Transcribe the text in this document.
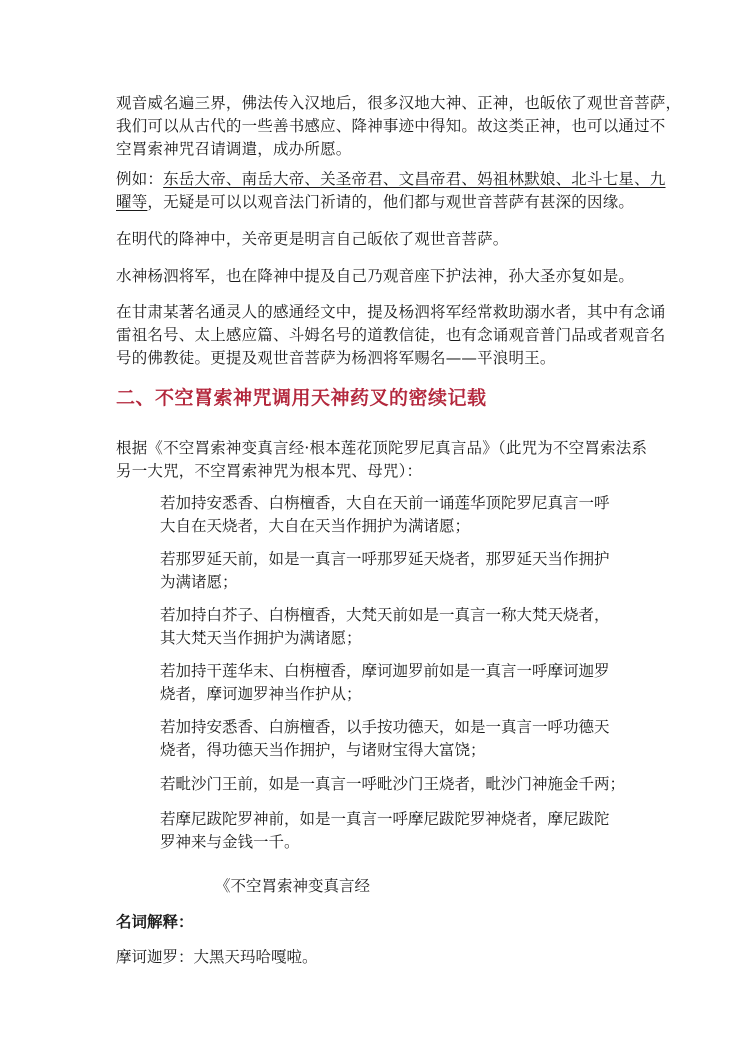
观音威名遍三界，佛法传入汉地后，很多汉地大神、正神，也皈依了观世音菩萨，
我们可以从古代的一些善书感应、降神事迹中得知。故这类正神，也可以通过不
空罥索神咒召请调遣，成办所愿。

例如：东岳大帝、南岳大帝、关圣帝君、文昌帝君、妈祖林默娘、北斗七星、九
曜等，无疑是可以以观音法门祈请的，他们都与观世音菩萨有甚深的因缘。

在明代的降神中，关帝更是明言自己皈依了观世音菩萨。

水神杨泗将军，也在降神中提及自己乃观音座下护法神，孙大圣亦复如是。

在甘肃某著名通灵人的感通经文中，提及杨泗将军经常救助溺水者，其中有念诵
雷祖名号、太上感应篇、斗姆名号的道教信徒，也有念诵观音普门品或者观音名
号的佛教徒。更提及观世音菩萨为杨泗将军赐名——平浪明王。

二、不空罥索神咒调用天神药叉的密续记载

根据《不空罥索神变真言经·根本莲花顶陀罗尼真言品》（此咒为不空罥索法系
另一大咒，不空罥索神咒为根本咒、母咒）：

若加持安悉香、白栴檀香，大自在天前一诵莲华顶陀罗尼真言一呼
大自在天烧者，大自在天当作拥护为满诸愿；

若那罗延天前，如是一真言一呼那罗延天烧者，那罗延天当作拥护
为满诸愿；

若加持白芥子、白栴檀香，大梵天前如是一真言一称大梵天烧者，
其大梵天当作拥护为满诸愿；

若加持干莲华末、白栴檀香，摩诃迦罗前如是一真言一呼摩诃迦罗
烧者，摩诃迦罗神当作护从；

若加持安悉香、白旃檀香，以手按功德天，如是一真言一呼功德天
烧者，得功德天当作拥护，与诸财宝得大富饶；

若毗沙门王前，如是一真言一呼毗沙门王烧者，毗沙门神施金千两；

若摩尼跋陀罗神前，如是一真言一呼摩尼跋陀罗神烧者，摩尼跋陀
罗神来与金钱一千。

《不空罥索神变真言经

名词解释：

摩诃迦罗：大黑天玛哈嘎啦。
